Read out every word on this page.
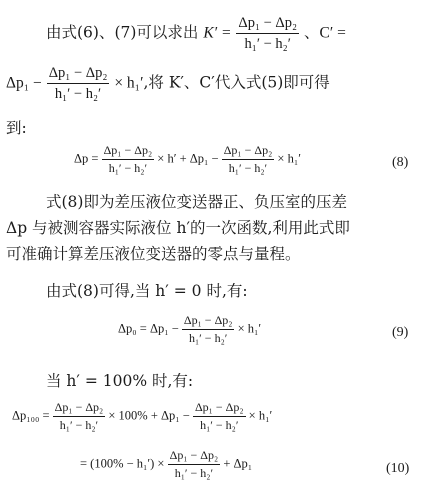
由式(6)、(7)可以求出 $K' = \frac{\text{Δp₁ − Δp₂}}{\text{h₁′ − h₂′}}$ 、C′ =
$\Delta p_1 - \frac{\text{Δp₁ − Δp₂}}{\text{h₁′ − h₂′}} \times h_1'$,将 K′、C′代入式(5)即可得
到:
$\Delta p = \frac{\text{Δp₁ − Δp₂}}{\text{h₁′ − h₂′}} \times h' + \Delta p_1 - \frac{\text{Δp₁ − Δp₂}}{\text{h₁′ − h₂′}} \times h_1'$	(8)
式(8)即为差压液位变送器正、负压室的压差
Δp 与被测容器实际液位 h′的一次函数,利用此式即
可准确计算差压液位变送器的零点与量程。
由式(8)可得,当 h′ = 0 时,有:
$\Delta p_0 = \Delta p_1 - \frac{\text{Δp₁ − Δp₂}}{\text{h₁′ − h₂′}} \times h_1'$	(9)
当 h′ = 100% 时,有:
$\Delta p_{100} = \frac{\text{Δp₁ − Δp₂}}{\text{h₁′ − h₂′}} \times 100\% + \Delta p_1 - \frac{\text{Δp₁ − Δp₂}}{\text{h₁′ − h₂′}} \times h_1'$
= $(100\% - h_1') \times \frac{\text{Δp₁ − Δp₂}}{\text{h₁′ − h₂′}} + \Delta p_1$	(10)
